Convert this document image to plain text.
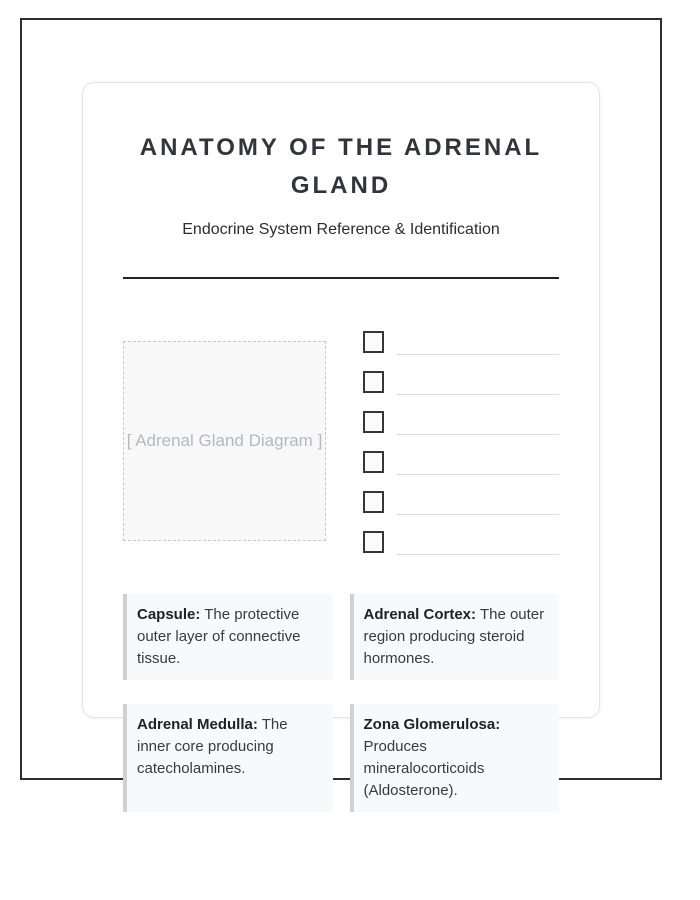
ANATOMY OF THE ADRENAL GLAND

Endocrine System Reference & Identification

[ Adrenal Gland Diagram ]
Capsule: The protective outer layer of connective tissue.
Adrenal Cortex: The outer region producing steroid hormones.
Adrenal Medulla: The inner core producing catecholamines.
Zona Glomerulosa: Produces mineralocorticoids (Aldosterone).
